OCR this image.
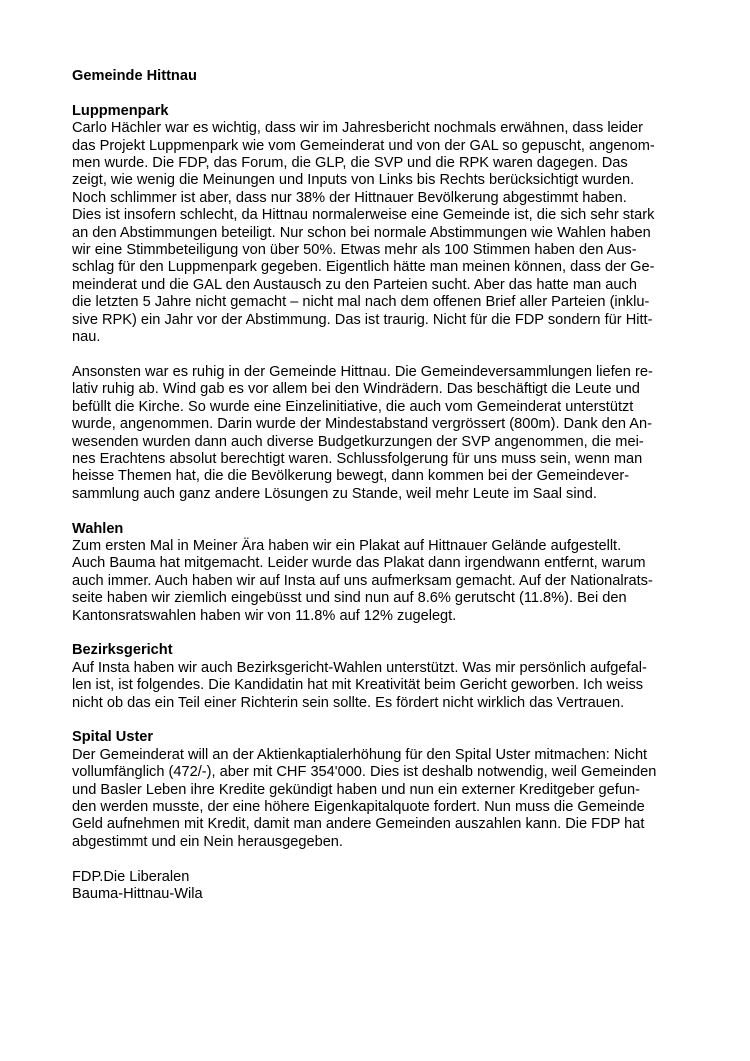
Gemeinde Hittnau
Luppmenpark
Carlo Hächler war es wichtig, dass wir im Jahresbericht nochmals erwähnen, dass leider
das Projekt Luppmenpark wie vom Gemeinderat und von der GAL so gepuscht, angenom-
men wurde. Die FDP, das Forum, die GLP, die SVP und die RPK waren dagegen. Das
zeigt, wie wenig die Meinungen und Inputs von Links bis Rechts berücksichtigt wurden.
Noch schlimmer ist aber, dass nur 38% der Hittnauer Bevölkerung abgestimmt haben.
Dies ist insofern schlecht, da Hittnau normalerweise eine Gemeinde ist, die sich sehr stark
an den Abstimmungen beteiligt. Nur schon bei normale Abstimmungen wie Wahlen haben
wir eine Stimmbeteiligung von über 50%. Etwas mehr als 100 Stimmen haben den Aus-
schlag für den Luppmenpark gegeben. Eigentlich hätte man meinen können, dass der Ge-
meinderat und die GAL den Austausch zu den Parteien sucht. Aber das hatte man auch
die letzten 5 Jahre nicht gemacht – nicht mal nach dem offenen Brief aller Parteien (inklu-
sive RPK) ein Jahr vor der Abstimmung. Das ist traurig. Nicht für die FDP sondern für Hitt-
nau.
Ansonsten war es ruhig in der Gemeinde Hittnau. Die Gemeindeversammlungen liefen re-
lativ ruhig ab. Wind gab es vor allem bei den Windrädern. Das beschäftigt die Leute und
befüllt die Kirche. So wurde eine Einzelinitiative, die auch vom Gemeinderat unterstützt
wurde, angenommen. Darin wurde der Mindestabstand vergrössert (800m). Dank den An-
wesenden wurden dann auch diverse Budgetkurzungen der SVP angenommen, die mei-
nes Erachtens absolut berechtigt waren. Schlussfolgerung für uns muss sein, wenn man
heisse Themen hat, die die Bevölkerung bewegt, dann kommen bei der Gemeindever-
sammlung auch ganz andere Lösungen zu Stande, weil mehr Leute im Saal sind.
Wahlen
Zum ersten Mal in Meiner Ära haben wir ein Plakat auf Hittnauer Gelände aufgestellt.
Auch Bauma hat mitgemacht. Leider wurde das Plakat dann irgendwann entfernt, warum
auch immer. Auch haben wir auf Insta auf uns aufmerksam gemacht. Auf der Nationalrats-
seite haben wir ziemlich eingebüsst und sind nun auf 8.6% gerutscht (11.8%). Bei den
Kantonsratswahlen haben wir von 11.8% auf 12% zugelegt.
Bezirksgericht
Auf Insta haben wir auch Bezirksgericht-Wahlen unterstützt. Was mir persönlich aufgefal-
len ist, ist folgendes. Die Kandidatin hat mit Kreativität beim Gericht geworben. Ich weiss
nicht ob das ein Teil einer Richterin sein sollte. Es fördert nicht wirklich das Vertrauen.
Spital Uster
Der Gemeinderat will an der Aktienkaptialerhöhung für den Spital Uster mitmachen: Nicht
vollumfänglich (472/-), aber mit CHF 354'000. Dies ist deshalb notwendig, weil Gemeinden
und Basler Leben ihre Kredite gekündigt haben und nun ein externer Kreditgeber gefun-
den werden musste, der eine höhere Eigenkapitalquote fordert. Nun muss die Gemeinde
Geld aufnehmen mit Kredit, damit man andere Gemeinden auszahlen kann. Die FDP hat
abgestimmt und ein Nein herausgegeben.
FDP.Die Liberalen
Bauma-Hittnau-Wila
